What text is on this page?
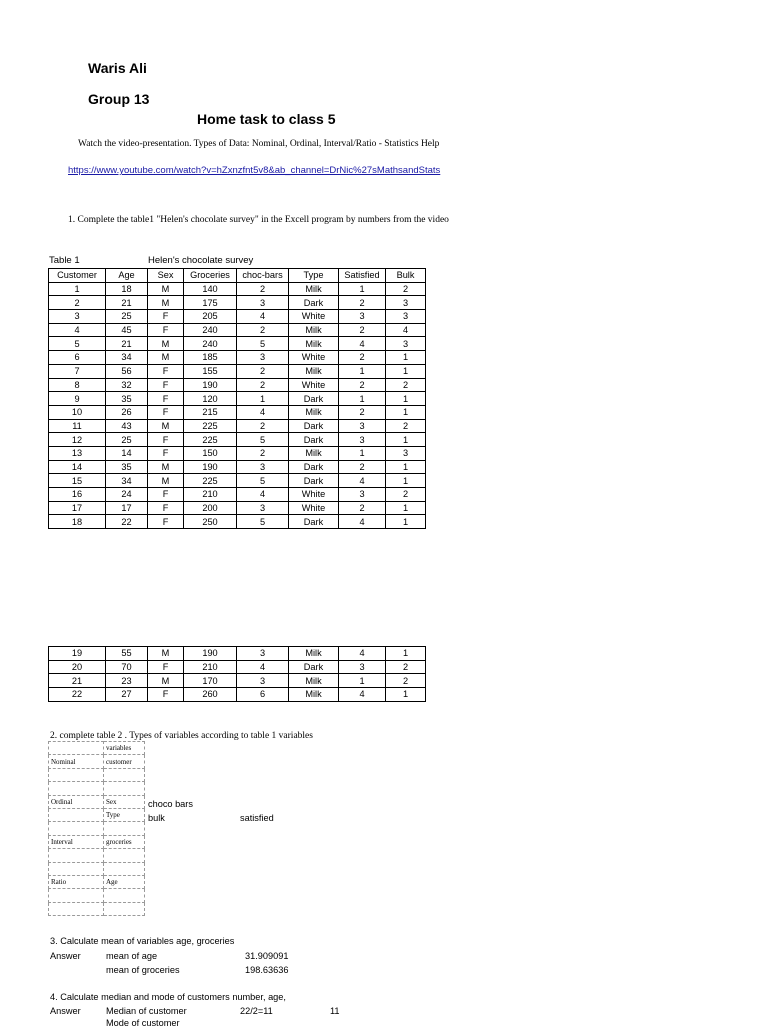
Waris Ali
Group 13
Home task to class 5
Watch the video-presentation. Types of Data: Nominal, Ordinal, Interval/Ratio - Statistics Help
https://www.youtube.com/watch?v=hZxnzfnt5v8&ab_channel=DrNic%27sMathsandStats
1. Complete the table1 "Helen's chocolate survey" in the Excell program by numbers from the video
Table 1	Helen's chocolate survey
Customer	Age	Sex	Groceries	choc-bars	Type	Satisfied	Bulk
1	18	M	140	2	Milk	1	2
2	21	M	175	3	Dark	2	3
3	25	F	205	4	White	3	3
4	45	F	240	2	Milk	2	4
5	21	M	240	5	Milk	4	3
6	34	M	185	3	White	2	1
7	56	F	155	2	Milk	1	1
8	32	F	190	2	White	2	2
9	35	F	120	1	Dark	1	1
10	26	F	215	4	Milk	2	1
11	43	M	225	2	Dark	3	2
12	25	F	225	5	Dark	3	1
13	14	F	150	2	Milk	1	3
14	35	M	190	3	Dark	2	1
15	34	M	225	5	Dark	4	1
16	24	F	210	4	White	3	2
17	17	F	200	3	White	2	1
18	22	F	250	5	Dark	4	1
19	55	M	190	3	Milk	4	1
20	70	F	210	4	Dark	3	2
21	23	M	170	3	Milk	1	2
22	27	F	260	6	Milk	4	1
2. complete table 2 . Types of variables according to table 1 variables
	variables
Nominal	customer

Ordinal	Sex
	Type

Interval	groceries

Ratio	Age

choco bars
bulk	satisfied
3. Calculate mean of variables age, groceries
Answer	mean of age	31.909091
mean of groceries	198.63636
4. Calculate median and mode of customers number, age,
Answer	Median of customer	22/2=11	11
Mode of customer
